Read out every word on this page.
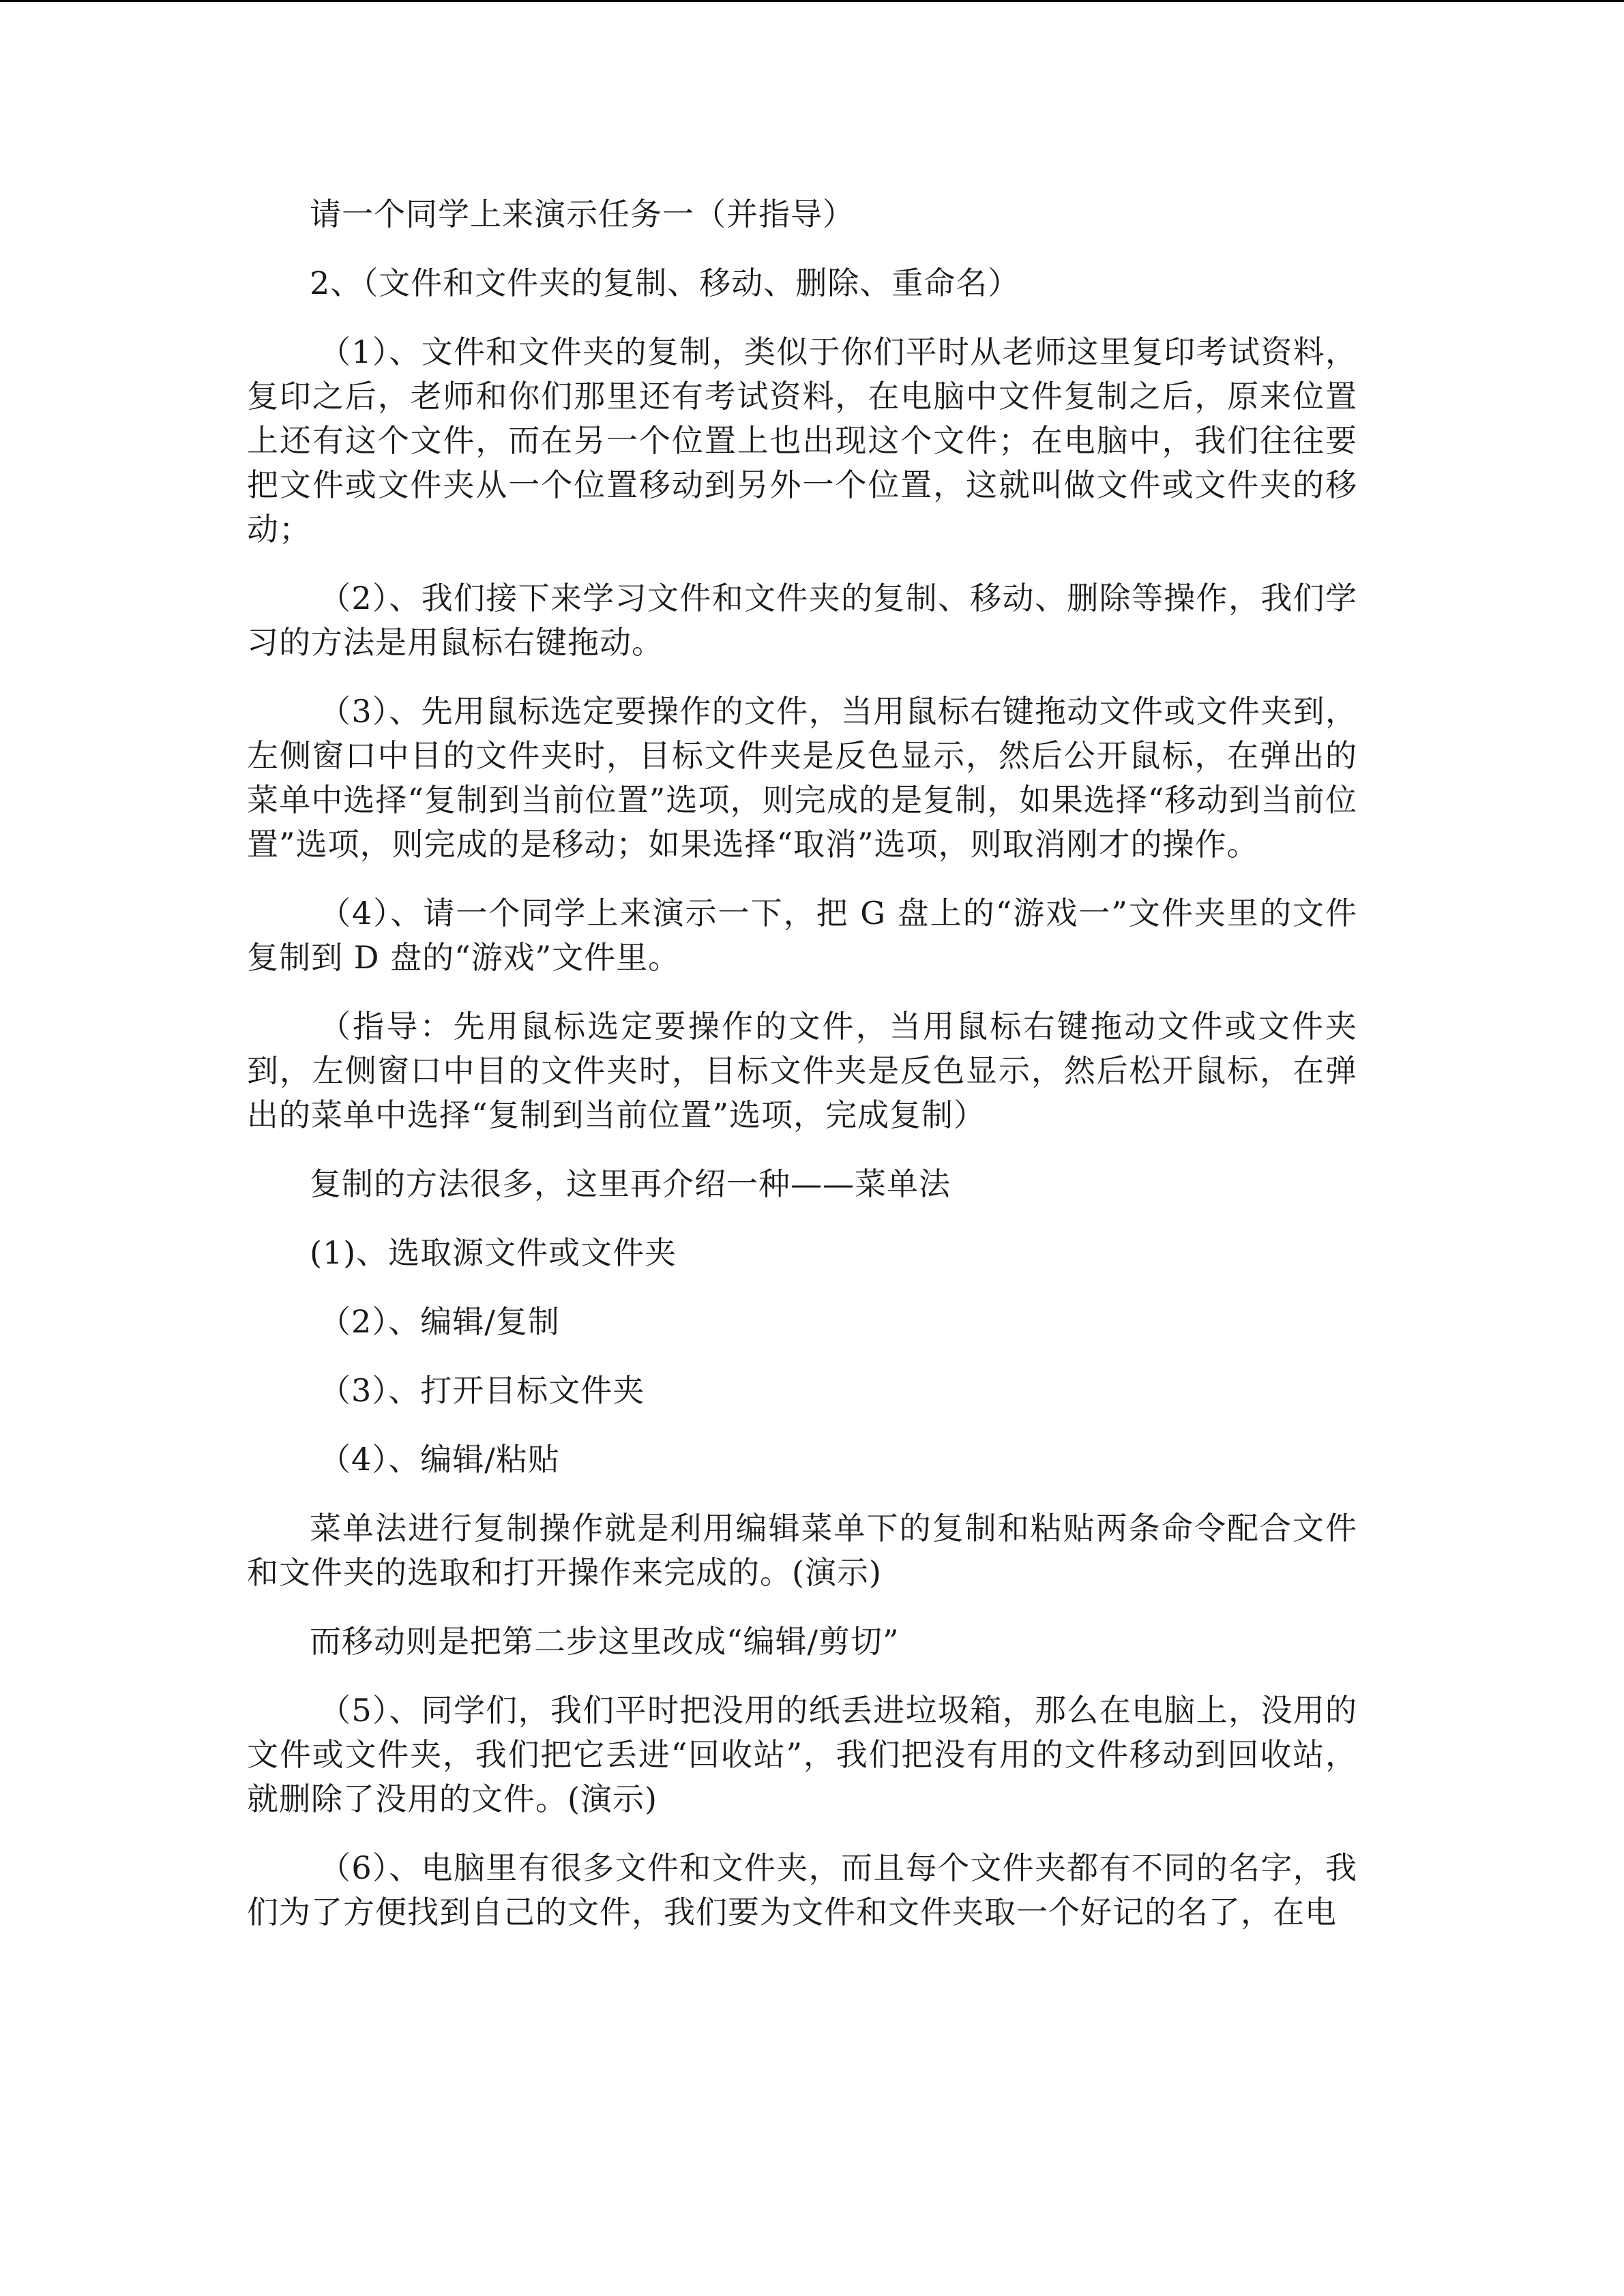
请一个同学上来演示任务一（并指导）

2、（文件和文件夹的复制、移动、删除、重命名）

（1）、文件和文件夹的复制，类似于你们平时从老师这里复印考试资料，复印之后，老师和你们那里还有考试资料，在电脑中文件复制之后，原来位置上还有这个文件，而在另一个位置上也出现这个文件；在电脑中，我们往往要把文件或文件夹从一个位置移动到另外一个位置，这就叫做文件或文件夹的移动；

（2）、我们接下来学习文件和文件夹的复制、移动、删除等操作，我们学习的方法是用鼠标右键拖动。

（3）、先用鼠标选定要操作的文件，当用鼠标右键拖动文件或文件夹到，左侧窗口中目的文件夹时，目标文件夹是反色显示，然后公开鼠标，在弹出的菜单中选择“复制到当前位置”选项，则完成的是复制，如果选择“移动到当前位置”选项，则完成的是移动；如果选择“取消”选项，则取消刚才的操作。

（4）、请一个同学上来演示一下，把 G 盘上的“游戏一”文件夹里的文件复制到 D 盘的“游戏”文件里。

（指导：先用鼠标选定要操作的文件，当用鼠标右键拖动文件或文件夹到，左侧窗口中目的文件夹时，目标文件夹是反色显示，然后松开鼠标，在弹出的菜单中选择“复制到当前位置”选项，完成复制）

复制的方法很多，这里再介绍一种——菜单法

(1)、选取源文件或文件夹

（2）、编辑/复制

（3）、打开目标文件夹

（4）、编辑/粘贴

菜单法进行复制操作就是利用编辑菜单下的复制和粘贴两条命令配合文件和文件夹的选取和打开操作来完成的。(演示)

而移动则是把第二步这里改成“编辑/剪切”

（5）、同学们，我们平时把没用的纸丢进垃圾箱，那么在电脑上，没用的文件或文件夹，我们把它丢进“回收站”，我们把没有用的文件移动到回收站，就删除了没用的文件。(演示)

（6）、电脑里有很多文件和文件夹，而且每个文件夹都有不同的名字，我们为了方便找到自己的文件，我们要为文件和文件夹取一个好记的名了，在电
